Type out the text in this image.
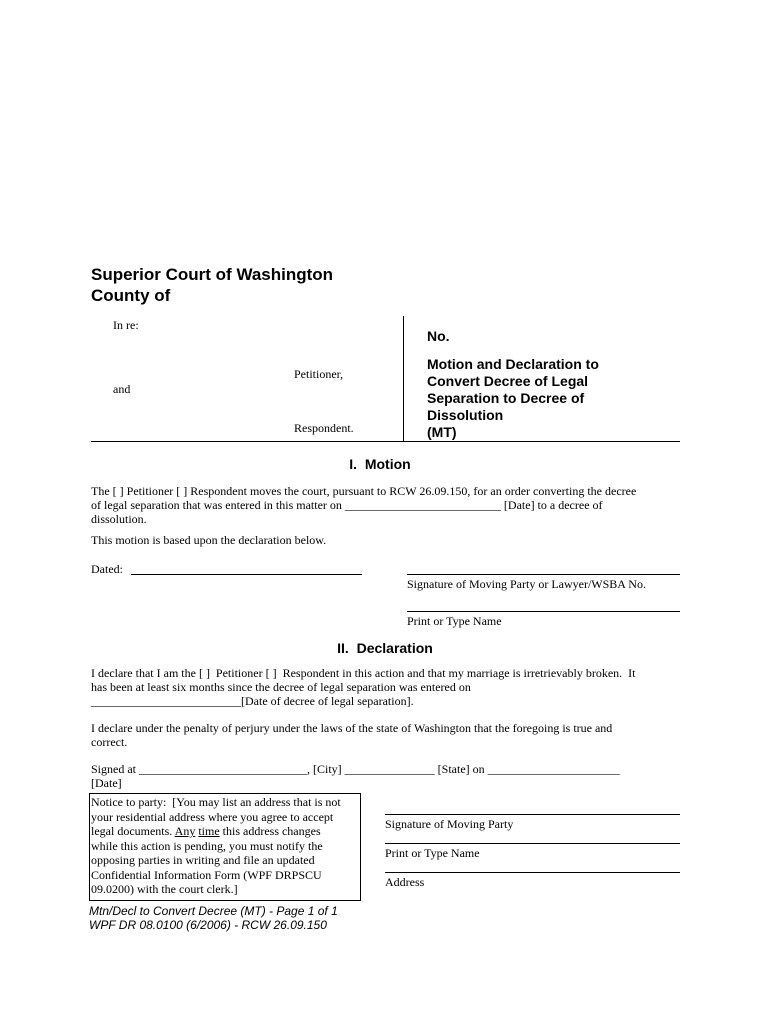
Superior Court of Washington
County of
In re:
Petitioner,
and
Respondent.
No.
Motion and Declaration to
Convert Decree of Legal
Separation to Decree of
Dissolution
(MT)
I.  Motion
The [ ] Petitioner [ ] Respondent moves the court, pursuant to RCW 26.09.150, for an order converting the decree
of legal separation that was entered in this matter on __________________________ [Date] to a decree of
dissolution.
This motion is based upon the declaration below.
Dated:
Signature of Moving Party or Lawyer/WSBA No.
Print or Type Name
II.  Declaration
I declare that I am the [ ]  Petitioner [ ]  Respondent in this action and that my marriage is irretrievably broken.  It
has been at least six months since the decree of legal separation was entered on
_________________________[Date of decree of legal separation].
I declare under the penalty of perjury under the laws of the state of Washington that the foregoing is true and
correct.
Signed at ____________________________, [City] _______________ [State] on ______________________
[Date]
Notice to party:  [You may list an address that is not
your residential address where you agree to accept
legal documents. Any time this address changes
while this action is pending, you must notify the
opposing parties in writing and file an updated
Confidential Information Form (WPF DRPSCU
09.0200) with the court clerk.]
Signature of Moving Party
Print or Type Name
Address
Mtn/Decl to Convert Decree (MT) - Page 1 of 1
WPF DR 08.0100 (6/2006) - RCW 26.09.150
